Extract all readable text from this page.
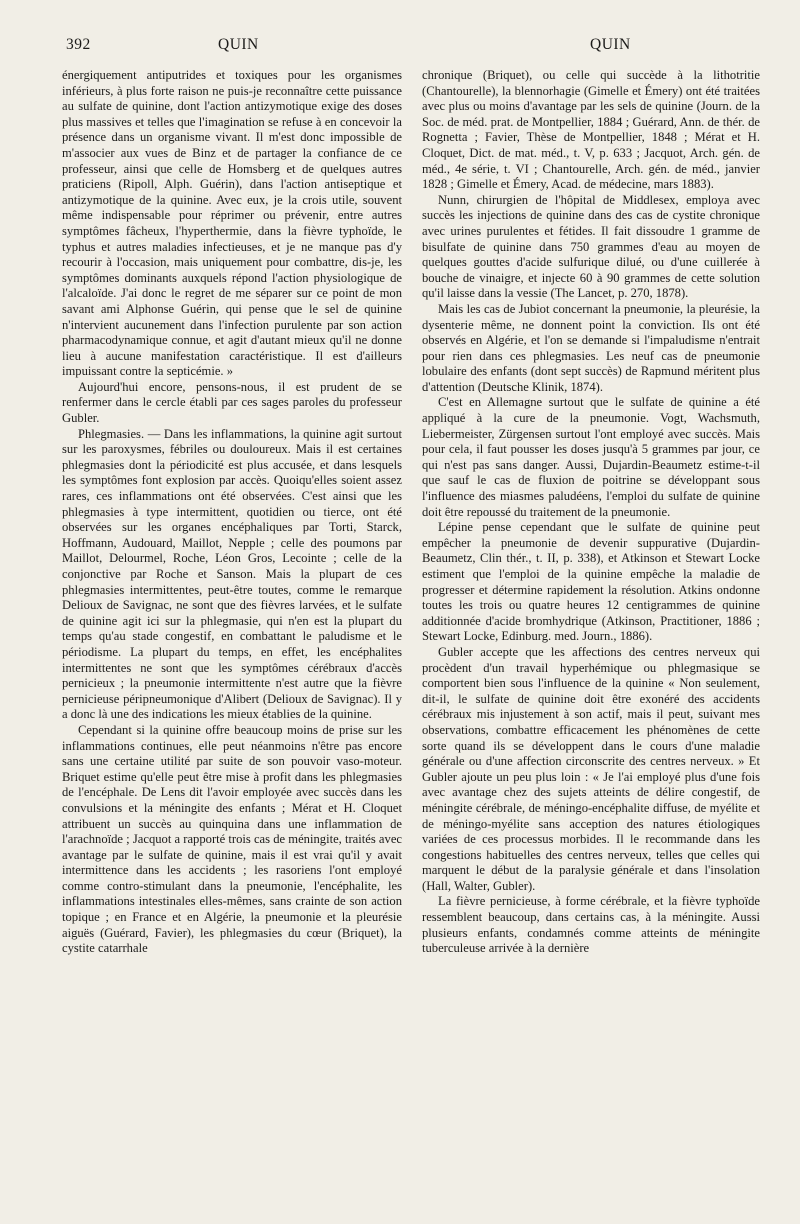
392	QUIN	QUIN

énergiquement antiputrides et toxiques pour les organismes inférieurs, à plus forte raison ne puis-je reconnaître cette puissance au sulfate de quinine, dont l'action antizymotique exige des doses plus massives et telles que l'imagination se refuse à en concevoir la présence dans un organisme vivant. Il m'est donc impossible de m'associer aux vues de Binz et de partager la confiance de ce professeur, ainsi que celle de Homsberg et de quelques autres praticiens (Ripoll, Alph. Guérin), dans l'action antiseptique et antizymotique de la quinine. Avec eux, je la crois utile, souvent même indispensable pour réprimer ou prévenir, entre autres symptômes fâcheux, l'hyperthermie, dans la fièvre typhoïde, le typhus et autres maladies infectieuses, et je ne manque pas d'y recourir à l'occasion, mais uniquement pour combattre, dis-je, les symptômes dominants auxquels répond l'action physiologique de l'alcaloïde. J'ai donc le regret de me séparer sur ce point de mon savant ami Alphonse Guérin, qui pense que le sel de quinine n'intervient aucunement dans l'infection purulente par son action pharmacodynamique connue, et agit d'autant mieux qu'il ne donne lieu à aucune manifestation caractéristique. Il est d'ailleurs impuissant contre la septicémie. »

Aujourd'hui encore, pensons-nous, il est prudent de se renfermer dans le cercle établi par ces sages paroles du professeur Gubler.

Phlegmasies. — Dans les inflammations, la quinine agit surtout sur les paroxysmes, fébriles ou douloureux. Mais il est certaines phlegmasies dont la périodicité est plus accusée, et dans lesquels les symptômes font explosion par accès. Quoiqu'elles soient assez rares, ces inflammations ont été observées. C'est ainsi que les phlegmasies à type intermittent, quotidien ou tierce, ont été observées sur les organes encéphaliques par Torti, Starck, Hoffmann, Audouard, Maillot, Nepple ; celle des poumons par Maillot, Delourmel, Roche, Léon Gros, Lecointe ; celle de la conjonctive par Roche et Sanson. Mais la plupart de ces phlegmasies intermittentes, peut-être toutes, comme le remarque Delioux de Savignac, ne sont que des fièvres larvées, et le sulfate de quinine agit ici sur la phlegmasie, qui n'en est la plupart du temps qu'au stade congestif, en combattant le paludisme et le périodisme. La plupart du temps, en effet, les encéphalites intermittentes ne sont que les symptômes cérébraux d'accès pernicieux ; la pneumonie intermittente n'est autre que la fièvre pernicieuse péripneumonique d'Alibert (Delioux de Savignac). Il y a donc là une des indications les mieux établies de la quinine.

Cependant si la quinine offre beaucoup moins de prise sur les inflammations continues, elle peut néanmoins n'être pas encore sans une certaine utilité par suite de son pouvoir vaso-moteur. Briquet estime qu'elle peut être mise à profit dans les phlegmasies de l'encéphale. De Lens dit l'avoir employée avec succès dans les convulsions et la méningite des enfants ; Mérat et H. Cloquet attribuent un succès au quinquina dans une inflammation de l'arachnoïde ; Jacquot a rapporté trois cas de méningite, traités avec avantage par le sulfate de quinine, mais il est vrai qu'il y avait intermittence dans les accidents ; les rasoriens l'ont employé comme contro-stimulant dans la pneumonie, l'encéphalite, les inflammations intestinales elles-mêmes, sans crainte de son action topique ; en France et en Algérie, la pneumonie et la pleurésie aiguës (Guérard, Favier), les phlegmasies du cœur (Briquet), la cystite catarrhale

chronique (Briquet), ou celle qui succède à la lithotritie (Chantourelle), la blennorhagie (Gimelle et Émery) ont été traitées avec plus ou moins d'avantage par les sels de quinine (Journ. de la Soc. de méd. prat. de Montpellier, 1884 ; Guérard, Ann. de thér. de Rognetta ; Favier, Thèse de Montpellier, 1848 ; Mérat et H. Cloquet, Dict. de mat. méd., t. V, p. 633 ; Jacquot, Arch. gén. de méd., 4e série, t. VI ; Chantourelle, Arch. gén. de méd., janvier 1828 ; Gimelle et Émery, Acad. de médecine, mars 1883).

Nunn, chirurgien de l'hôpital de Middlesex, employa avec succès les injections de quinine dans des cas de cystite chronique avec urines purulentes et fétides. Il fait dissoudre 1 gramme de bisulfate de quinine dans 750 grammes d'eau au moyen de quelques gouttes d'acide sulfurique dilué, ou d'une cuillerée à bouche de vinaigre, et injecte 60 à 90 grammes de cette solution qu'il laisse dans la vessie (The Lancet, p. 270, 1878).

Mais les cas de Jubiot concernant la pneumonie, la pleurésie, la dysenterie même, ne donnent point la conviction. Ils ont été observés en Algérie, et l'on se demande si l'impaludisme n'entrait pour rien dans ces phlegmasies. Les neuf cas de pneumonie lobulaire des enfants (dont sept succès) de Rapmund méritent plus d'attention (Deutsche Klinik, 1874).

C'est en Allemagne surtout que le sulfate de quinine a été appliqué à la cure de la pneumonie. Vogt, Wachsmuth, Liebermeister, Zürgensen surtout l'ont employé avec succès. Mais pour cela, il faut pousser les doses jusqu'à 5 grammes par jour, ce qui n'est pas sans danger. Aussi, Dujardin-Beaumetz estime-t-il que sauf le cas de fluxion de poitrine se développant sous l'influence des miasmes paludéens, l'emploi du sulfate de quinine doit être repoussé du traitement de la pneumonie.

Lépine pense cependant que le sulfate de quinine peut empêcher la pneumonie de devenir suppurative (Dujardin-Beaumetz, Clin thér., t. II, p. 338), et Atkinson et Stewart Locke estiment que l'emploi de la quinine empêche la maladie de progresser et détermine rapidement la résolution. Atkins ondonne toutes les trois ou quatre heures 12 centigrammes de quinine additionnée d'acide bromhydrique (Atkinson, Practitioner, 1886 ; Stewart Locke, Edinburg. med. Journ., 1886).

Gubler accepte que les affections des centres nerveux qui procèdent d'un travail hyperhémique ou phlegmasique se comportent bien sous l'influence de la quinine « Non seulement, dit-il, le sulfate de quinine doit être exonéré des accidents cérébraux mis injustement à son actif, mais il peut, suivant mes observations, combattre efficacement les phénomènes de cette sorte quand ils se développent dans le cours d'une maladie générale ou d'une affection circonscrite des centres nerveux. » Et Gubler ajoute un peu plus loin : « Je l'ai employé plus d'une fois avec avantage chez des sujets atteints de délire congestif, de méningite cérébrale, de méningo-encéphalite diffuse, de myélite et de méningo-myélite sans acception des natures étiologiques variées de ces processus morbides. Il le recommande dans les congestions habituelles des centres nerveux, telles que celles qui marquent le début de la paralysie générale et dans l'insolation (Hall, Walter, Gubler).

La fièvre pernicieuse, à forme cérébrale, et la fièvre typhoïde ressemblent beaucoup, dans certains cas, à la méningite. Aussi plusieurs enfants, condamnés comme atteints de méningite tuberculeuse arrivée à la dernière
